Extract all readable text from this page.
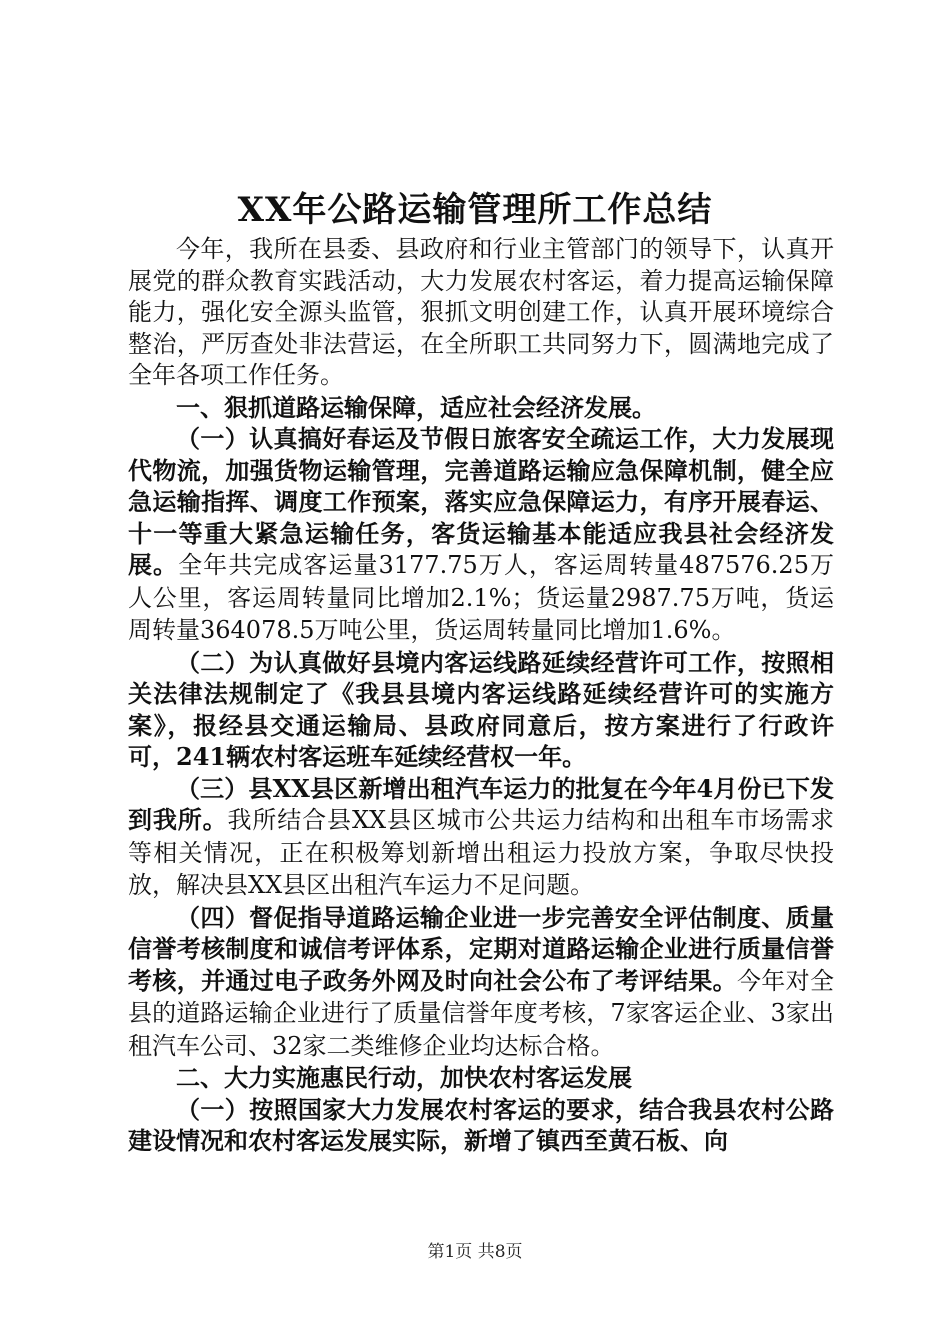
XX年公路运输管理所工作总结

今年，我所在县委、县政府和行业主管部门的领导下，认真开展党的群众教育实践活动，大力发展农村客运，着力提高运输保障能力，强化安全源头监管，狠抓文明创建工作，认真开展环境综合整治，严厉查处非法营运，在全所职工共同努力下，圆满地完成了全年各项工作任务。

一、狠抓道路运输保障，适应社会经济发展。

（一）认真搞好春运及节假日旅客安全疏运工作，大力发展现代物流，加强货物运输管理，完善道路运输应急保障机制，健全应急运输指挥、调度工作预案，落实应急保障运力，有序开展春运、十一等重大紧急运输任务，客货运输基本能适应我县社会经济发展。全年共完成客运量3177.75万人，客运周转量487576.25万人公里，客运周转量同比增加2.1%；货运量2987.75万吨，货运周转量364078.5万吨公里，货运周转量同比增加1.6%。

（二）为认真做好县境内客运线路延续经营许可工作，按照相关法律法规制定了《我县县境内客运线路延续经营许可的实施方案》，报经县交通运输局、县政府同意后，按方案进行了行政许可，241辆农村客运班车延续经营权一年。

（三）县XX县区新增出租汽车运力的批复在今年4月份已下发到我所。我所结合县XX县区城市公共运力结构和出租车市场需求等相关情况，正在积极筹划新增出租运力投放方案，争取尽快投放，解决县XX县区出租汽车运力不足问题。

（四）督促指导道路运输企业进一步完善安全评估制度、质量信誉考核制度和诚信考评体系，定期对道路运输企业进行质量信誉考核，并通过电子政务外网及时向社会公布了考评结果。今年对全县的道路运输企业进行了质量信誉年度考核，7家客运企业、3家出租汽车公司、32家二类维修企业均达标合格。

二、大力实施惠民行动，加快农村客运发展

（一）按照国家大力发展农村客运的要求，结合我县农村公路建设情况和农村客运发展实际，新增了镇西至黄石板、向

第1页 共8页
